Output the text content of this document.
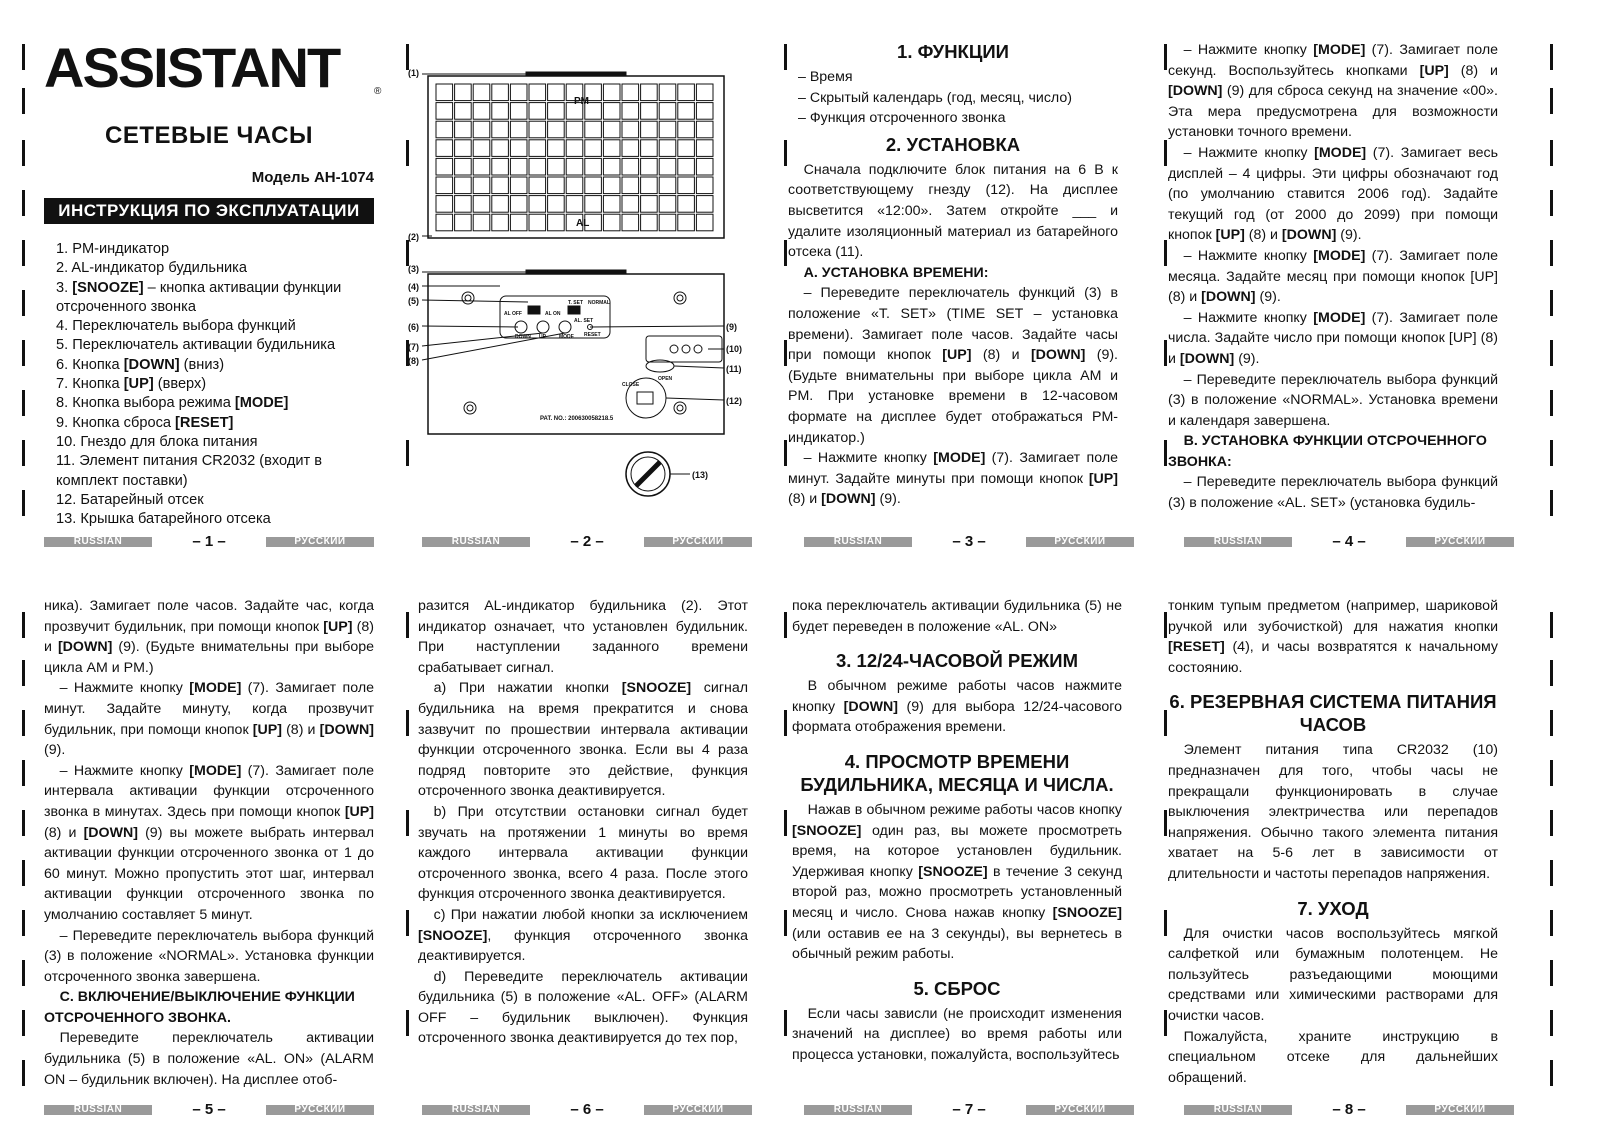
ASSISTANT	®
СЕТЕВЫЕ ЧАСЫ
Модель AH-1074
ИНСТРУКЦИЯ ПО ЭКСПЛУАТАЦИИ
1. PM-индикатор
2. AL-индикатор будильника
3. [SNOOZE] – кнопка активации функции отсроченного звонка
4. Переключатель выбора функций
5. Переключатель активации будильника
6. Кнопка [DOWN] (вниз)
7. Кнопка [UP] (вверх)
8. Кнопка выбора режима [MODE]
9. Кнопка сброса [RESET]
10. Гнездо для блока питания
11. Элемент питания CR2032 (входит в комплект поставки)
12. Батарейный отсек
13. Крышка батарейного отсека
(1)
(2)
(3)
(4)
(5)
(6)
(7)
(8)
(9)
(10)
(11)
(12)
(13)
PM
AL
AL OFF	AL ON
T. SET NORMAL
AL. SET
RESET
DOWN UP	MODE
CLOSE
OPEN
PAT. NO.: 200630058218.5
1. ФУНКЦИИ
– Время
– Скрытый календарь (год, месяц, число)
– Функция отсроченного звонка
2. УСТАНОВКА

Сначала подключите блок питания на 6 В к соответствующему гнезду (12). На дисплее высветится «12:00». Затем откройте ___ и удалите изоляционный материал из батарейного отсека (11).

А. УСТАНОВКА ВРЕМЕНИ:

– Переведите переключатель функций (3) в положение «T. SET» (TIME SET – установка времени). Замигает поле часов. Задайте часы при помощи кнопок [UP] (8) и [DOWN] (9). (Будьте внимательны при выборе цикла AM и PM. При установке времени в 12-часовом формате на дисплее будет отображаться PM-индикатор.)

– Нажмите кнопку [MODE] (7). Замигает поле минут. Задайте минуты при помощи кнопок [UP] (8) и [DOWN] (9).

– Нажмите кнопку [MODE] (7). Замигает поле секунд. Воспользуйтесь кнопками [UP] (8) и [DOWN] (9) для сброса секунд на значение «00». Эта мера предусмотрена для возможности установки точного времени.

– Нажмите кнопку [MODE] (7). Замигает весь дисплей – 4 цифры. Эти цифры обозначают год (по умолчанию ставится 2006 год). Задайте текущий год (от 2000 до 2099) при помощи кнопок [UP] (8) и [DOWN] (9).

– Нажмите кнопку [MODE] (7). Замигает поле месяца. Задайте месяц при помощи кнопок [UP] (8) и [DOWN] (9).

– Нажмите кнопку [MODE] (7). Замигает поле числа. Задайте число при помощи кнопок [UP] (8) и [DOWN] (9).

– Переведите переключатель выбора функций (3) в положение «NORMAL». Установка времени и календаря завершена.

B. УСТАНОВКА ФУНКЦИИ ОТСРОЧЕННОГО ЗВОНКА:

– Переведите переключатель выбора функций (3) в положение «AL. SET» (установка будиль-

ника). Замигает поле часов. Задайте час, когда прозвучит будильник, при помощи кнопок [UP] (8) и [DOWN] (9). (Будьте внимательны при выборе цикла AM и PM.)

– Нажмите кнопку [MODE] (7). Замигает поле минут. Задайте минуту, когда прозвучит будильник, при помощи кнопок [UP] (8) и [DOWN] (9).

– Нажмите кнопку [MODE] (7). Замигает поле интервала активации функции отсроченного звонка в минутах. Здесь при помощи кнопок [UP] (8) и [DOWN] (9) вы можете выбрать интервал активации функции отсроченного звонка от 1 до 60 минут. Можно пропустить этот шаг, интервал активации функции отсроченного звонка по умолчанию составляет 5 минут.

– Переведите переключатель выбора функций (3) в положение «NORMAL». Установка функции отсроченного звонка завершена.

C. ВКЛЮЧЕНИЕ/ВЫКЛЮЧЕНИЕ ФУНКЦИИ ОТСРОЧЕННОГО ЗВОНКА.

Переведите переключатель активации будильника (5) в положение «AL. ON» (ALARM ON – будильник включен). На дисплее отоб-

разится AL-индикатор будильника (2). Этот индикатор означает, что установлен будильник. При наступлении заданного времени срабатывает сигнал.

a) При нажатии кнопки [SNOOZE] сигнал будильника на время прекратится и снова зазвучит по прошествии интервала активации функции отсроченного звонка. Если вы 4 раза подряд повторите это действие, функция отсроченного звонка деактивируется.

b) При отсутствии остановки сигнал будет звучать на протяжении 1 минуты во время каждого интервала активации функции отсроченного звонка, всего 4 раза. После этого функция отсроченного звонка деактивируется.

c) При нажатии любой кнопки за исключением [SNOOZE], функция отсроченного звонка деактивируется.

d) Переведите переключатель активации будильника (5) в положение «AL. OFF» (ALARM OFF – будильник выключен). Функция отсроченного звонка деактивируется до тех пор,

пока переключатель активации будильника (5) не будет переведен в положение «AL. ON»

3. 12/24-ЧАСОВОЙ РЕЖИМ

В обычном режиме работы часов нажмите кнопку [DOWN] (9) для выбора 12/24-часового формата отображения времени.

4. ПРОСМОТР ВРЕМЕНИ БУДИЛЬНИКА, МЕСЯЦА И ЧИСЛА.

Нажав в обычном режиме работы часов кнопку [SNOOZE] один раз, вы можете просмотреть время, на которое установлен будильник. Удерживая кнопку [SNOOZE] в течение 3 секунд второй раз, можно просмотреть установленный месяц и число. Снова нажав кнопку [SNOOZE] (или оставив ее на 3 секунды), вы вернетесь в обычный режим работы.

5. СБРОС

Если часы зависли (не происходит изменения значений на дисплее) во время работы или процесса установки, пожалуйста, воспользуйтесь

тонким тупым предметом (например, шариковой ручкой или зубочисткой) для нажатия кнопки [RESET] (4), и часы возвратятся к начальному состоянию.

6. РЕЗЕРВНАЯ СИСТЕМА ПИТАНИЯ ЧАСОВ

Элемент питания типа CR2032 (10) предназначен для того, чтобы часы не прекращали функционировать в случае выключения электричества или перепадов напряжения. Обычно такого элемента питания хватает на 5-6 лет в зависимости от длительности и частоты перепадов напряжения.

7. УХОД

Для очистки часов воспользуйтесь мягкой салфеткой или бумажным полотенцем. Не пользуйтесь разъедающими моющими средствами или химическими растворами для очистки часов.

Пожалуйста, храните инструкцию в специальном отсеке для дальнейших обращений.

RUSSIAN	– 1 –	РУССКИЙ	RUSSIAN	– 2 –	РУССКИЙ	RUSSIAN	– 3 –	РУССКИЙ	RUSSIAN	– 4 –	РУССКИЙ
RUSSIAN	– 5 –	РУССКИЙ	RUSSIAN	– 6 –	РУССКИЙ	RUSSIAN	– 7 –	РУССКИЙ	RUSSIAN	– 8 –	РУССКИЙ
